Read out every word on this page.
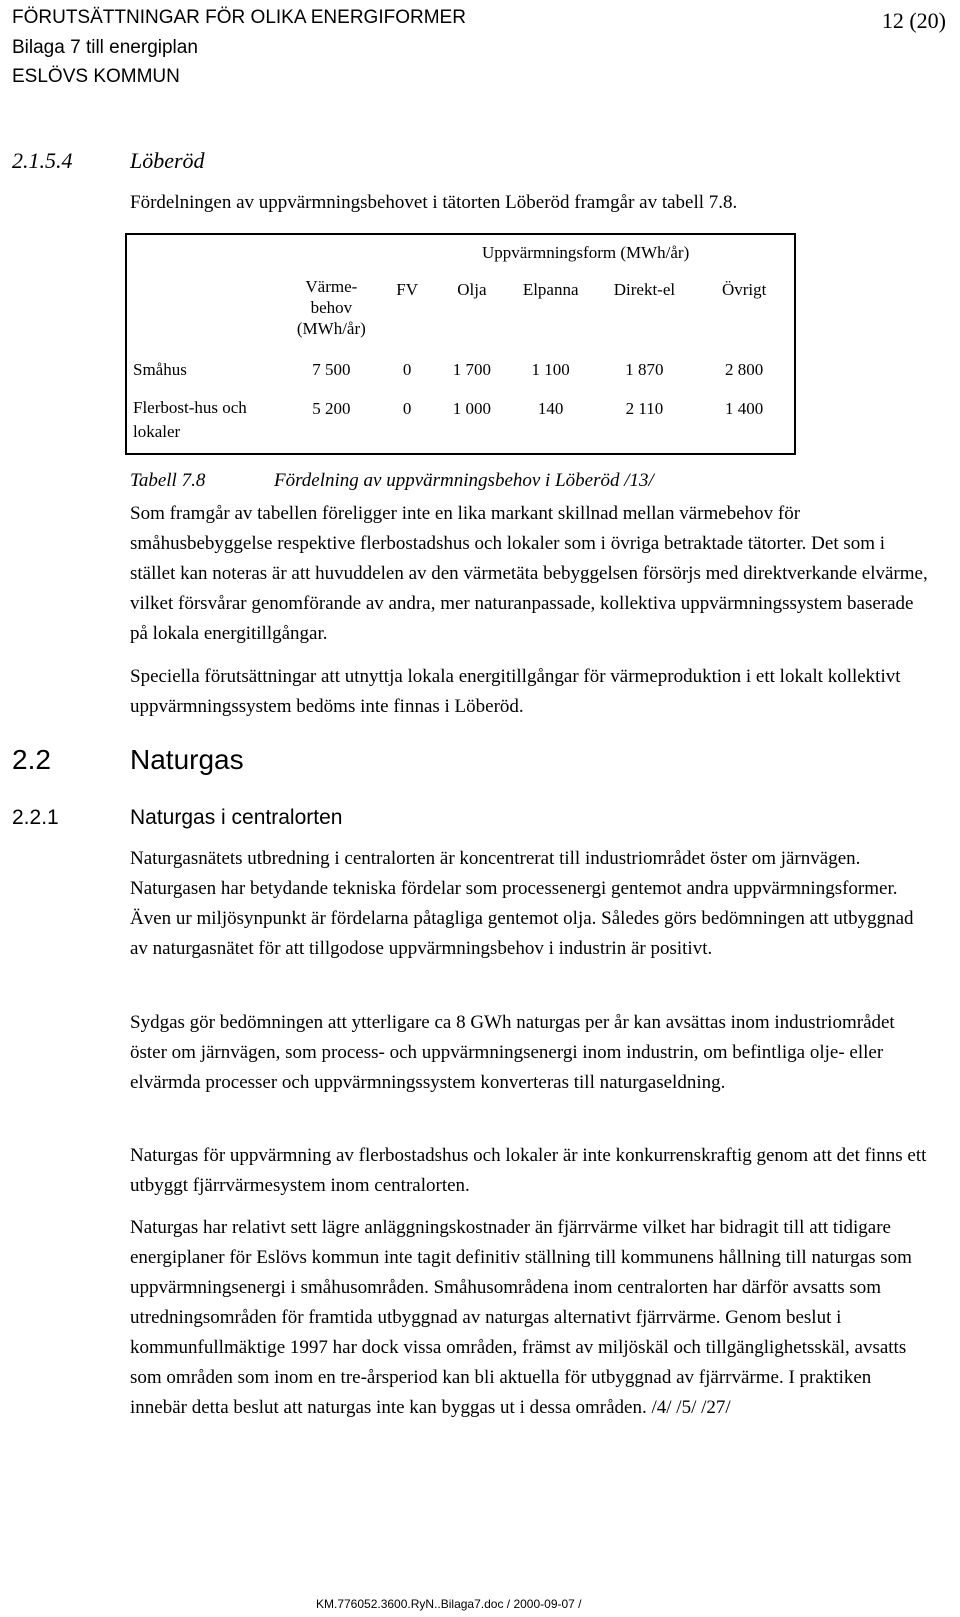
FÖRUTSÄTTNINGAR FÖR OLIKA ENERGIFORMER
Bilaga 7 till energiplan
ESLÖVS KOMMUN
12 (20)
2.1.5.4	Löberöd
Fördelningen av uppvärmningsbehovet i tätorten Löberöd framgår av tabell 7.8.
		Uppvärmningsform (MWh/år)				
	Värme-
behov
(MWh/år)	FV	Olja	Elpanna	Direkt-el	Övrigt
Småhus	7 500	0	1 700	1 100	1 870	2 800
Flerbost-hus och
lokaler	5 200	0	1 000	140	2 110	1 400
Tabell 7.8	Fördelning av uppvärmningsbehov i Löberöd /13/
Som framgår av tabellen föreligger inte en lika markant skillnad mellan värmebehov för småhusbebyggelse respektive flerbostadshus och lokaler som i övriga betraktade tätorter. Det som i stället kan noteras är att huvuddelen av den värmetäta bebyggelsen försörjs med direktverkande elvärme, vilket försvårar genomförande av andra, mer naturanpassade, kollektiva uppvärmningssystem baserade på lokala energitillgångar.
Speciella förutsättningar att utnyttja lokala energitillgångar för värmeproduktion i ett lokalt kollektivt uppvärmningssystem bedöms inte finnas i Löberöd.
2.2	Naturgas
2.2.1	Naturgas i centralorten
Naturgasnätets utbredning i centralorten är koncentrerat till industriområdet öster om järnvägen. Naturgasen har betydande tekniska fördelar som processenergi gentemot andra uppvärmningsformer. Även ur miljösynpunkt är fördelarna påtagliga gentemot olja. Således görs bedömningen att utbyggnad av naturgasnätet för att tillgodose uppvärmningsbehov i industrin är positivt.
Sydgas gör bedömningen att ytterligare ca 8 GWh naturgas per år kan avsättas inom industriområdet öster om järnvägen, som process- och uppvärmningsenergi inom industrin, om befintliga olje- eller elvärmda processer och uppvärmningssystem konverteras till naturgaseldning.
Naturgas för uppvärmning av flerbostadshus och lokaler är inte konkurrenskraftig genom att det finns ett utbyggt fjärrvärmesystem inom centralorten.
Naturgas har relativt sett lägre anläggningskostnader än fjärrvärme vilket har bidragit till att tidigare energiplaner för Eslövs kommun inte tagit definitiv ställning till kommunens hållning till naturgas som uppvärmningsenergi i småhusområden. Småhusområdena inom centralorten har därför avsatts som utredningsområden för framtida utbyggnad av naturgas alternativt fjärrvärme. Genom beslut i kommunfullmäktige 1997 har dock vissa områden, främst av miljöskäl och tillgänglighetsskäl, avsatts som områden som inom en tre-årsperiod kan bli aktuella för utbyggnad av fjärrvärme. I praktiken innebär detta beslut att naturgas inte kan byggas ut i dessa områden. /4/ /5/ /27/
KM.776052.3600.RyN..Bilaga7.doc / 2000-09-07 /
